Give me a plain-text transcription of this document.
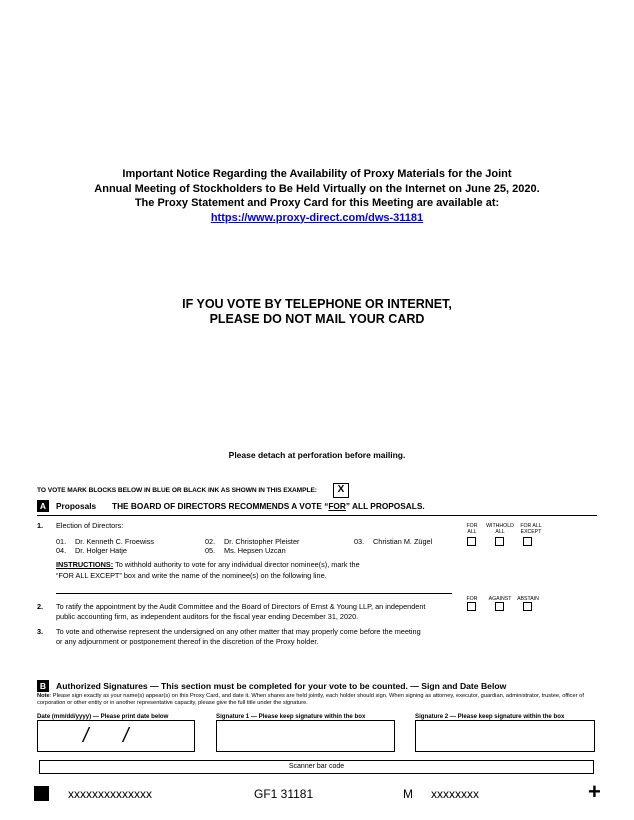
Important Notice Regarding the Availability of Proxy Materials for the Joint
Annual Meeting of Stockholders to Be Held Virtually on the Internet on June 25, 2020.
The Proxy Statement and Proxy Card for this Meeting are available at:
https://www.proxy-direct.com/dws-31181
IF YOU VOTE BY TELEPHONE OR INTERNET,
PLEASE DO NOT MAIL YOUR CARD
Please detach at perforation before mailing.
TO VOTE MARK BLOCKS BELOW IN BLUE OR BLACK INK AS SHOWN IN THIS EXAMPLE:	X
A	Proposals THE BOARD OF DIRECTORS RECOMMENDS A VOTE “FOR” ALL PROPOSALS.
1. Election of Directors:	FOR
ALL
WITHHOLD
ALL
FOR ALL
EXCEPT
01. Dr. Kenneth C. Froewiss	02. Dr. Christopher Pleister	03. Christian M. Zügel
04. Dr. Holger Hatje	05. Ms. Hepsen Uzcan
INSTRUCTIONS: To withhold authority to vote for any individual director nominee(s), mark the
“FOR ALL EXCEPT” box and write the name of the nominee(s) on the following line.
FOR	AGAINST	ABSTAIN
2. To ratify the appointment by the Audit Committee and the Board of Directors of Ernst & Young LLP, an independent
public accounting firm, as independent auditors for the fiscal year ending December 31, 2020.
3. To vote and otherwise represent the undersigned on any other matter that may properly come before the meeting
or any adjournment or postponement thereof in the discretion of the Proxy holder.
B	Authorized Signatures — This section must be completed for your vote to be counted. — Sign and Date Below
Note: Please sign exactly as your name(s) appear(s) on this Proxy Card, and date it. When shares are held jointly, each holder should sign. When signing as attorney, executor, guardian, administrator, trustee, officer of corporation or other entity or in another representative capacity, please give the full title under the signature.
Date (mm/dd/yyyy) — Please print date below	Signature 1 — Please keep signature within the box	Signature 2 — Please keep signature within the box
/ /
Scanner bar code
xxxxxxxxxxxxxx	GF1 31181	M xxxxxxxx	+
